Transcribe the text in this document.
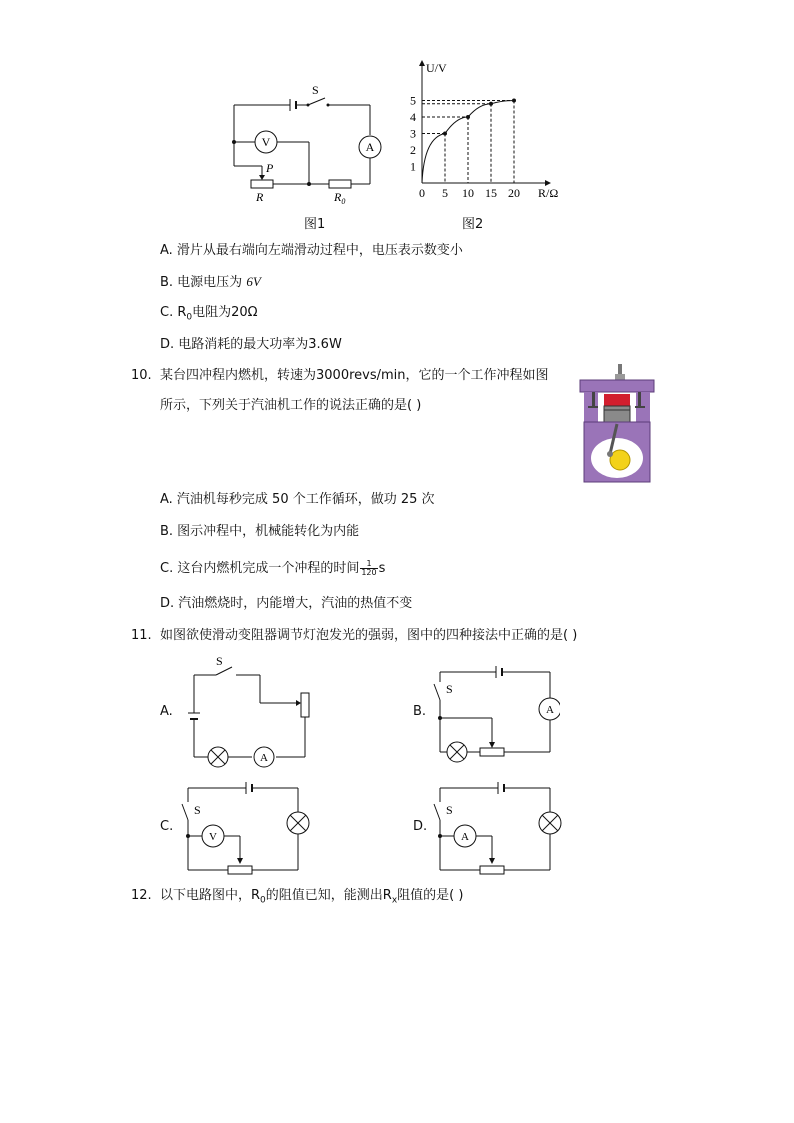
S
A
V
P
R	$R_0$
0 5 10 15 20
1
2
3
4
5
U/V
R/Ω
图1	图2
A. 滑片从最右端向左端滑动过程中，电压表示数变小
B. 电源电压为 6V
C. $R_0$电阻为20Ω
D. 电路消耗的最大功率为3.6W
10. 某台四冲程内燃机，转速为3000revs/min，它的一个工作冲程如图
所示，下列关于汽油机工作的说法正确的是( )
A. 汽油机每秒完成 50 个工作循环，做功 25 次
B. 图示冲程中，机械能转化为内能
C. 这台内燃机完成一个冲程的时间 $\frac{1}{120}$ s
D. 汽油燃烧时，内能增大，汽油的热值不变
11. 如图欲使滑动变阻器调节灯泡发光的强弱，图中的四种接法中正确的是( )
A.
S
A
B.
S
A
C.
S
V
D.
S
A
12. 以下电路图中，$R_0$的阻值已知，能测出$R_x$阻值的是( )
